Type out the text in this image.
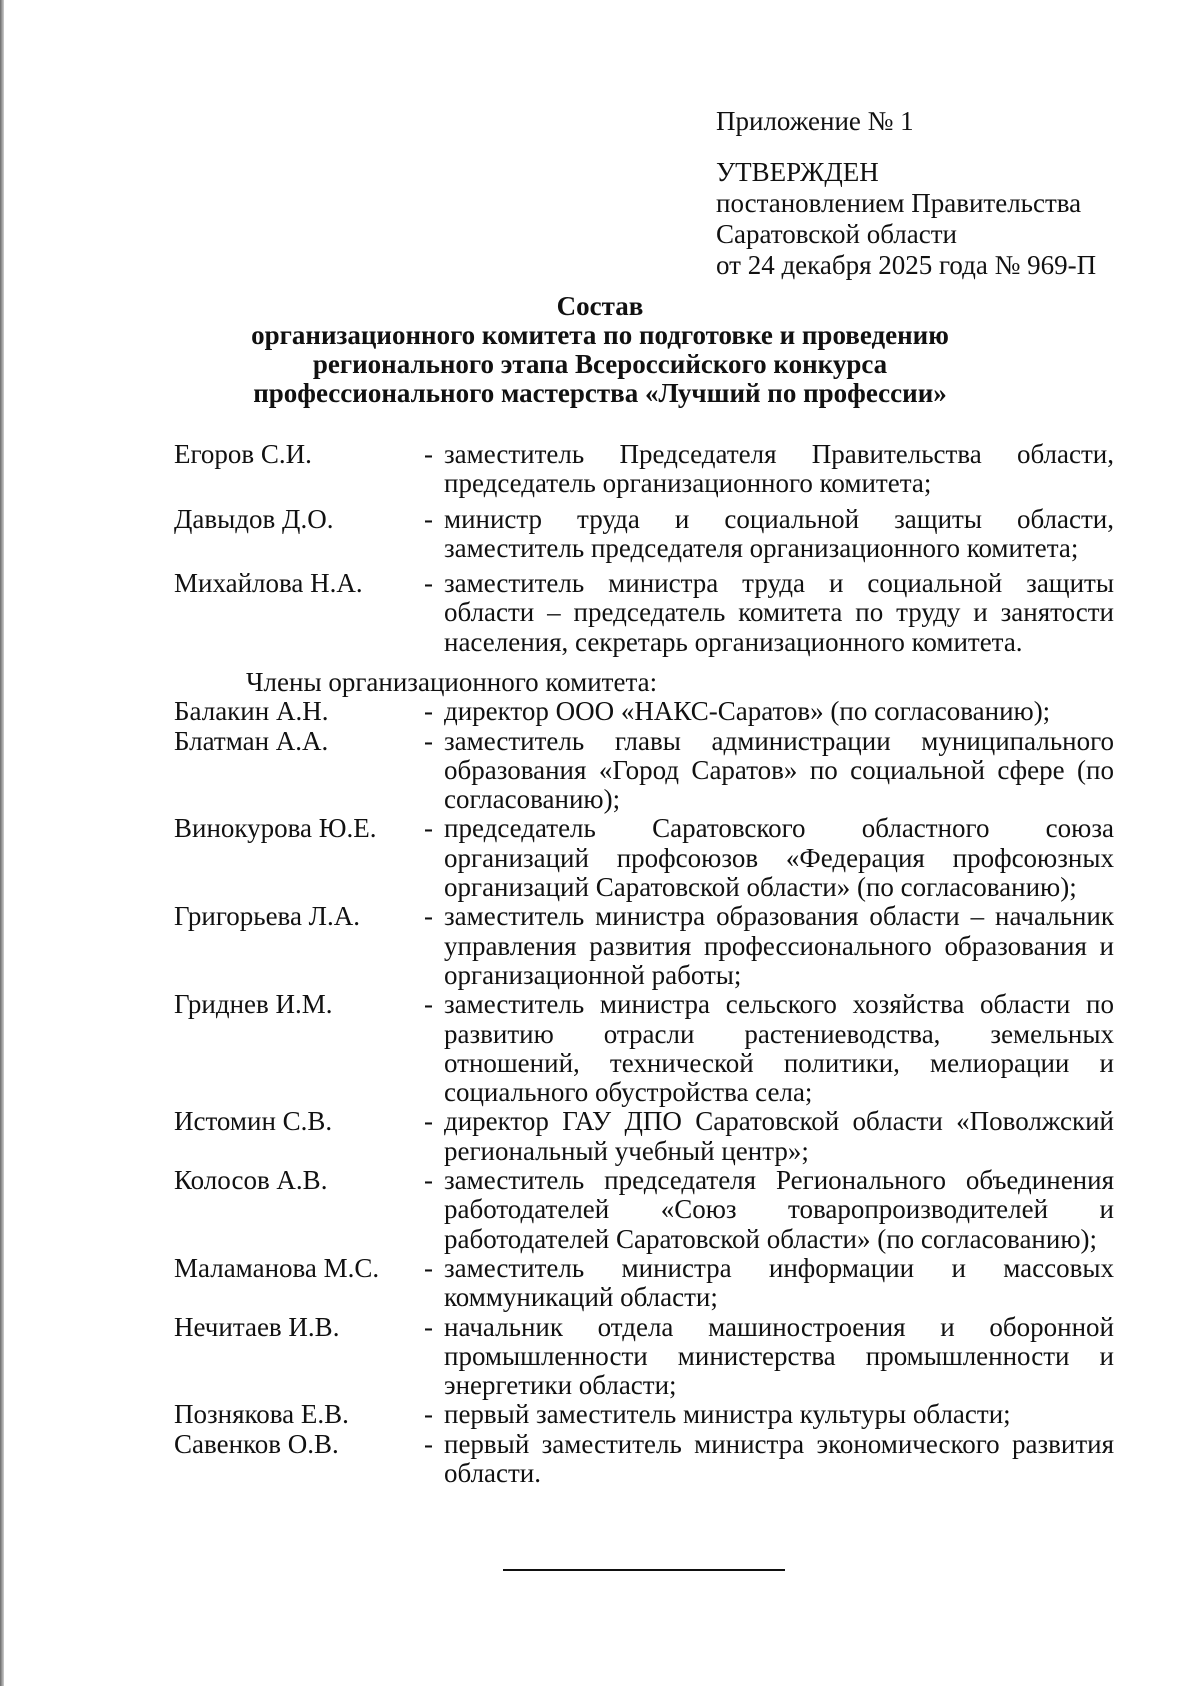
Приложение № 1
УТВЕРЖДЕН
постановлением Правительства
Саратовской области
от 24 декабря 2025 года № 969-П
Состав
организационного комитета по подготовке и проведению
регионального этапа Всероссийского конкурса
профессионального мастерства «Лучший по профессии»
Егоров С.И.	- заместитель Председателя Правительства области, председатель организационного комитета;
Давыдов Д.О.	- министр труда и социальной защиты области, заместитель председателя организационного комитета;
Михайлова Н.А.	- заместитель министра труда и социальной защиты области – председатель комитета по труду и занятости населения, секретарь организационного комитета.
Члены организационного комитета:
Балакин А.Н.	- директор ООО «НАКС-Саратов» (по согласованию);
Блатман А.А.	- заместитель главы администрации муниципального образования «Город Саратов» по социальной сфере (по согласованию);
Винокурова Ю.Е.	- председатель Саратовского областного союза организаций профсоюзов «Федерация профсоюзных организаций Саратовской области» (по согласованию);
Григорьева Л.А.	- заместитель министра образования области – начальник управления развития профессионального образования и организационной работы;
Гриднев И.М.	- заместитель министра сельского хозяйства области по развитию отрасли растениеводства, земельных отношений, технической политики, мелиорации и социального обустройства села;
Истомин С.В.	- директор ГАУ ДПО Саратовской области «Поволжский региональный учебный центр»;
Колосов А.В.	- заместитель председателя Регионального объединения работодателей «Союз товаропроизводителей и работодателей Саратовской области» (по согласованию);
Маламанова М.С.	- заместитель министра информации и массовых коммуникаций области;
Нечитаев И.В.	- начальник отдела машиностроения и оборонной промышленности министерства промышленности и энергетики области;
Познякова Е.В.	- первый заместитель министра культуры области;
Савенков О.В.	- первый заместитель министра экономического развития области.
